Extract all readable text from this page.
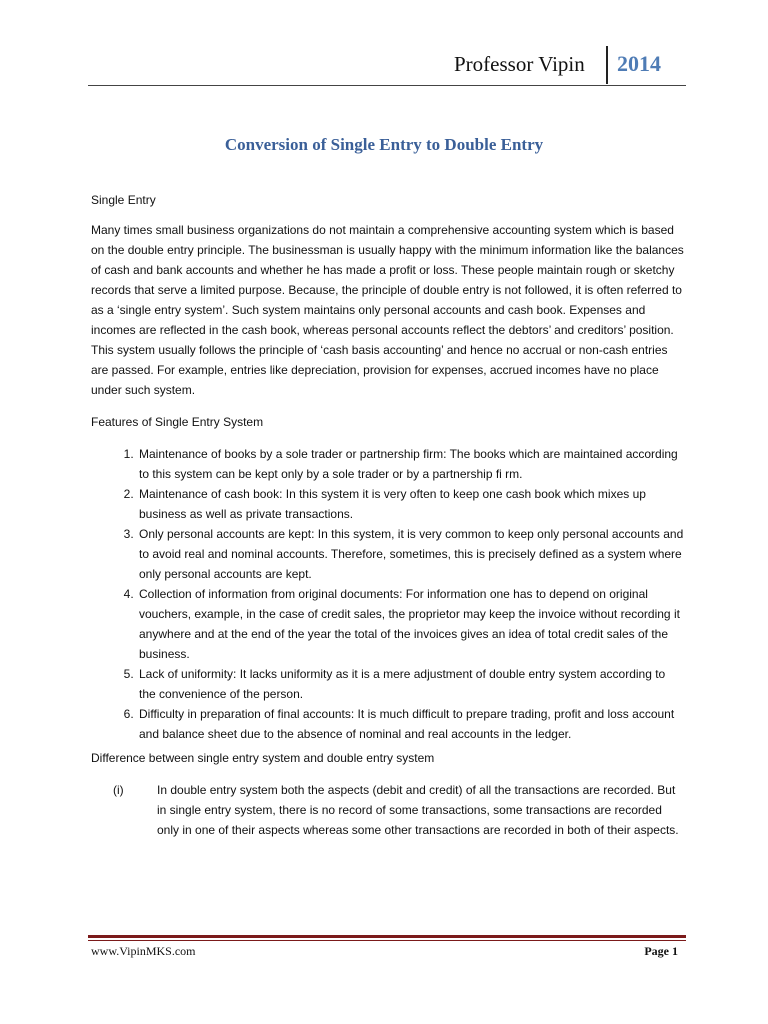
Professor Vipin 2014
Conversion of Single Entry to Double Entry
Single Entry

Many times small business organizations do not maintain a comprehensive accounting system which is based on the double entry principle. The businessman is usually happy with the minimum information like the balances of cash and bank accounts and whether he has made a profit or loss. These people maintain rough or sketchy records that serve a limited purpose. Because, the principle of double entry is not followed, it is often referred to as a ‘single entry system’. Such system maintains only personal accounts and cash book. Expenses and incomes are reflected in the cash book, whereas personal accounts reflect the debtors’ and creditors’ position. This system usually follows the principle of ‘cash basis accounting’ and hence no accrual or non-cash entries are passed. For example, entries like depreciation, provision for expenses, accrued incomes have no place under such system.

Features of Single Entry System
1. Maintenance of books by a sole trader or partnership firm: The books which are maintained according to this system can be kept only by a sole trader or by a partnership fi rm.
2. Maintenance of cash book: In this system it is very often to keep one cash book which mixes up business as well as private transactions.
3. Only personal accounts are kept: In this system, it is very common to keep only personal accounts and to avoid real and nominal accounts. Therefore, sometimes, this is precisely defined as a system where only personal accounts are kept.
4. Collection of information from original documents: For information one has to depend on original vouchers, example, in the case of credit sales, the proprietor may keep the invoice without recording it anywhere and at the end of the year the total of the invoices gives an idea of total credit sales of the business.
5. Lack of uniformity: It lacks uniformity as it is a mere adjustment of double entry system according to the convenience of the person.
6. Difficulty in preparation of final accounts: It is much difficult to prepare trading, profit and loss account and balance sheet due to the absence of nominal and real accounts in the ledger.
Difference between single entry system and double entry system
(i)	In double entry system both the aspects (debit and credit) of all the transactions are recorded. But in single entry system, there is no record of some transactions, some transactions are recorded only in one of their aspects whereas some other transactions are recorded in both of their aspects.
www.VipinMKS.com	Page 1
